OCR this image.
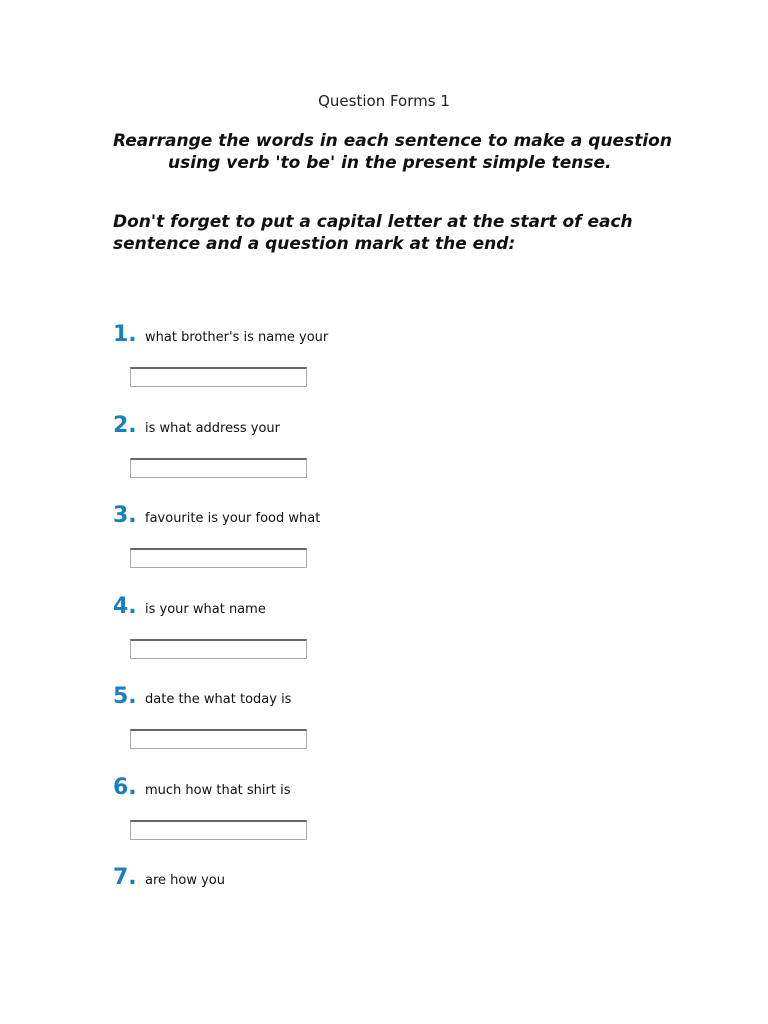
Question Forms 1

Rearrange the words in each sentence to make a question using verb 'to be' in the present simple tense.

Don't forget to put a capital letter at the start of each sentence and a question mark at the end:

1. what brother's is name your
2. is what address your
3. favourite is your food what
4. is your what name
5. date the what today is
6. much how that shirt is
7. are how you
